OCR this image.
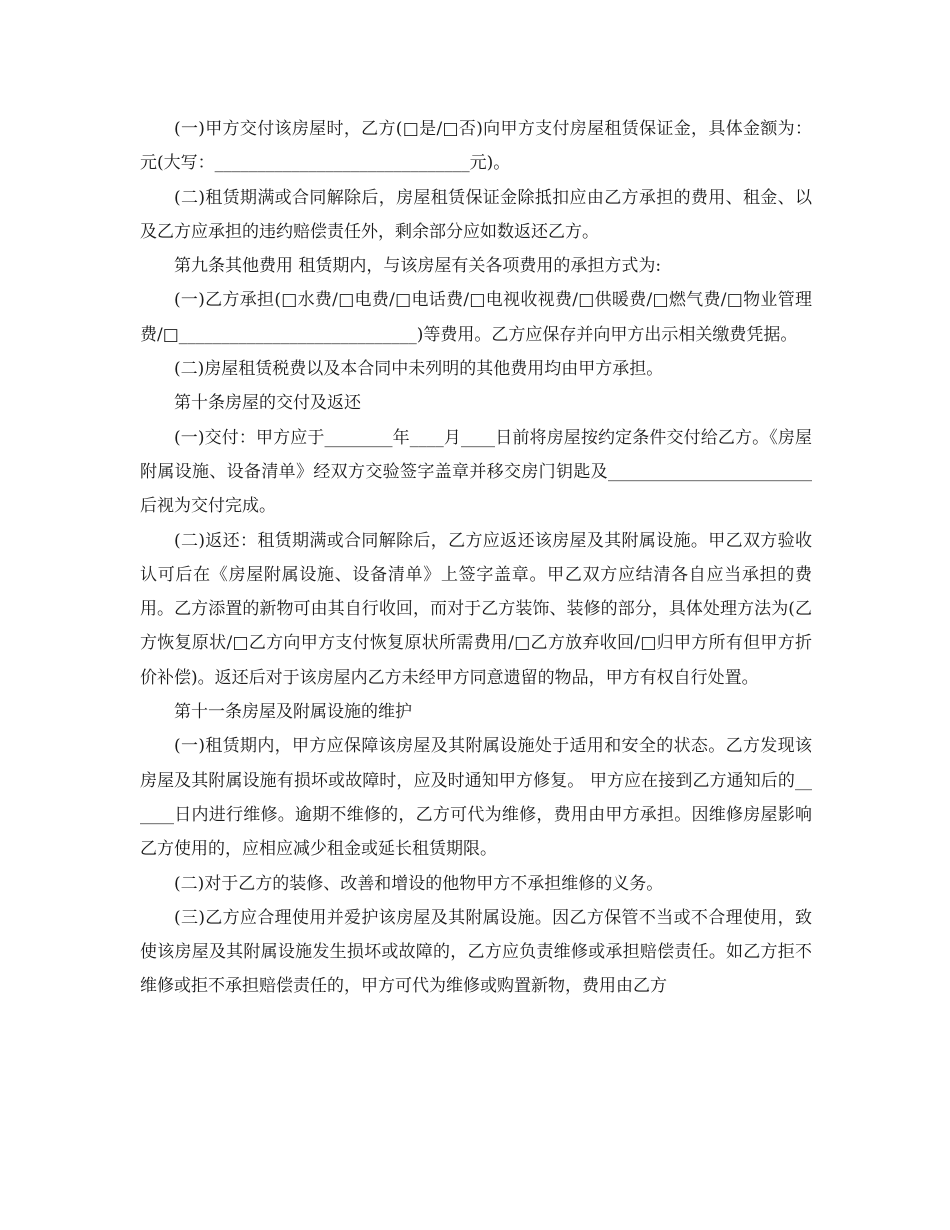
(一)甲方交付该房屋时，乙方(□是/□否)向甲方支付房屋租赁保证金，具体金额为： 元(大写：______________________________元)。

(二)租赁期满或合同解除后，房屋租赁保证金除抵扣应由乙方承担的费用、租金、以及乙方应承担的违约赔偿责任外，剩余部分应如数返还乙方。

第九条其他费用 租赁期内，与该房屋有关各项费用的承担方式为:

(一)乙方承担(□水费/□电费/□电话费/□电视收视费/□供暖费/□燃气费/□物业管理费/□____________________________)等费用。乙方应保存并向甲方出示相关缴费凭据。

(二)房屋租赁税费以及本合同中未列明的其他费用均由甲方承担。

第十条房屋的交付及返还

(一)交付：甲方应于________年____月____日前将房屋按约定条件交付给乙方。《房屋附属设施、设备清单》经双方交验签字盖章并移交房门钥匙及________________________后视为交付完成。

(二)返还：租赁期满或合同解除后，乙方应返还该房屋及其附属设施。甲乙双方验收认可后在《房屋附属设施、设备清单》上签字盖章。甲乙双方应结清各自应当承担的费用。乙方添置的新物可由其自行收回，而对于乙方装饰、装修的部分，具体处理方法为(乙方恢复原状/□乙方向甲方支付恢复原状所需费用/□乙方放弃收回/□归甲方所有但甲方折价补偿)。返还后对于该房屋内乙方未经甲方同意遗留的物品，甲方有权自行处置。

第十一条房屋及附属设施的维护

(一)租赁期内，甲方应保障该房屋及其附属设施处于适用和安全的状态。乙方发现该房屋及其附属设施有损坏或故障时，应及时通知甲方修复。 甲方应在接到乙方通知后的______日内进行维修。逾期不维修的，乙方可代为维修，费用由甲方承担。因维修房屋影响乙方使用的，应相应减少租金或延长租赁期限。

(二)对于乙方的装修、改善和增设的他物甲方不承担维修的义务。

(三)乙方应合理使用并爱护该房屋及其附属设施。因乙方保管不当或不合理使用，致使该房屋及其附属设施发生损坏或故障的，乙方应负责维修或承担赔偿责任。如乙方拒不维修或拒不承担赔偿责任的，甲方可代为维修或购置新物，费用由乙方
